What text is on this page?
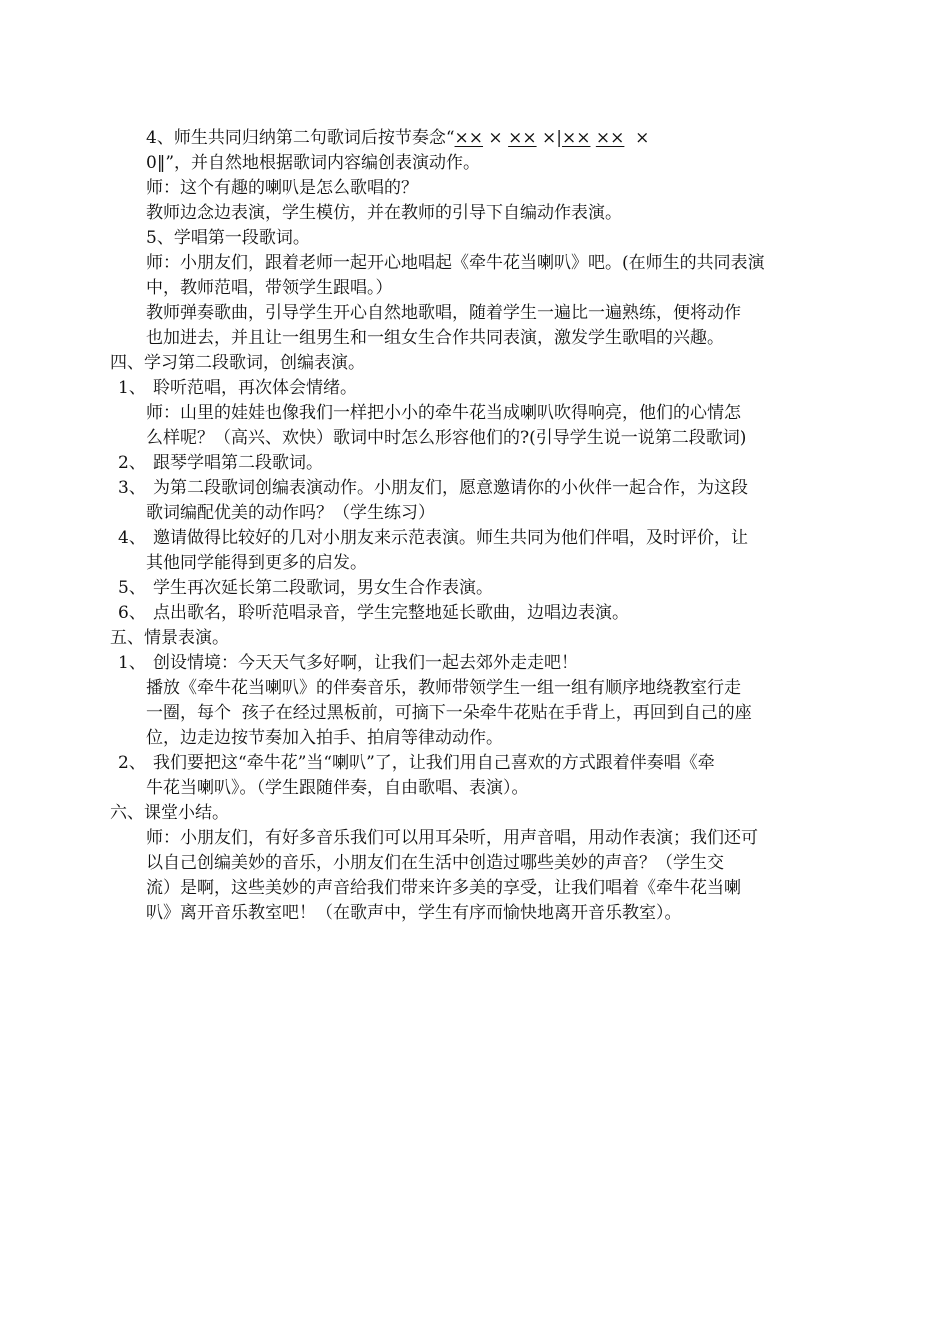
4、师生共同归纳第二句歌词后按节奏念“×× × ×× ×|×× ××  ×
0‖”，并自然地根据歌词内容编创表演动作。
师：这个有趣的喇叭是怎么歌唱的？
教师边念边表演，学生模仿，并在教师的引导下自编动作表演。
5、学唱第一段歌词。
师：小朋友们，跟着老师一起开心地唱起《牵牛花当喇叭》吧。(在师生的共同表演
中，教师范唱，带领学生跟唱。）
教师弹奏歌曲，引导学生开心自然地歌唱，随着学生一遍比一遍熟练，便将动作
也加进去，并且让一组男生和一组女生合作共同表演，激发学生歌唱的兴趣。
四、学习第二段歌词，创编表演。
1、 聆听范唱，再次体会情绪。
师：山里的娃娃也像我们一样把小小的牵牛花当成喇叭吹得响亮，他们的心情怎
么样呢？（高兴、欢快）歌词中时怎么形容他们的?(引导学生说一说第二段歌词)
2、 跟琴学唱第二段歌词。
3、 为第二段歌词创编表演动作。小朋友们，愿意邀请你的小伙伴一起合作，为这段
歌词编配优美的动作吗？（学生练习）
4、 邀请做得比较好的几对小朋友来示范表演。师生共同为他们伴唱，及时评价，让
其他同学能得到更多的启发。
5、 学生再次延长第二段歌词，男女生合作表演。
6、 点出歌名，聆听范唱录音，学生完整地延长歌曲，边唱边表演。
五、情景表演。
1、 创设情境：今天天气多好啊，让我们一起去郊外走走吧！
播放《牵牛花当喇叭》的伴奏音乐，教师带领学生一组一组有顺序地绕教室行走
一圈，每个  孩子在经过黑板前，可摘下一朵牵牛花贴在手背上，再回到自己的座
位，边走边按节奏加入拍手、拍肩等律动动作。
2、 我们要把这“牵牛花”当“喇叭”了，让我们用自己喜欢的方式跟着伴奏唱《牵
牛花当喇叭》。（学生跟随伴奏，自由歌唱、表演）。
六、课堂小结。
师：小朋友们，有好多音乐我们可以用耳朵听，用声音唱，用动作表演；我们还可
以自己创编美妙的音乐，小朋友们在生活中创造过哪些美妙的声音？（学生交
流）是啊，这些美妙的声音给我们带来许多美的享受，让我们唱着《牵牛花当喇
叭》离开音乐教室吧！（在歌声中，学生有序而愉快地离开音乐教室）。
